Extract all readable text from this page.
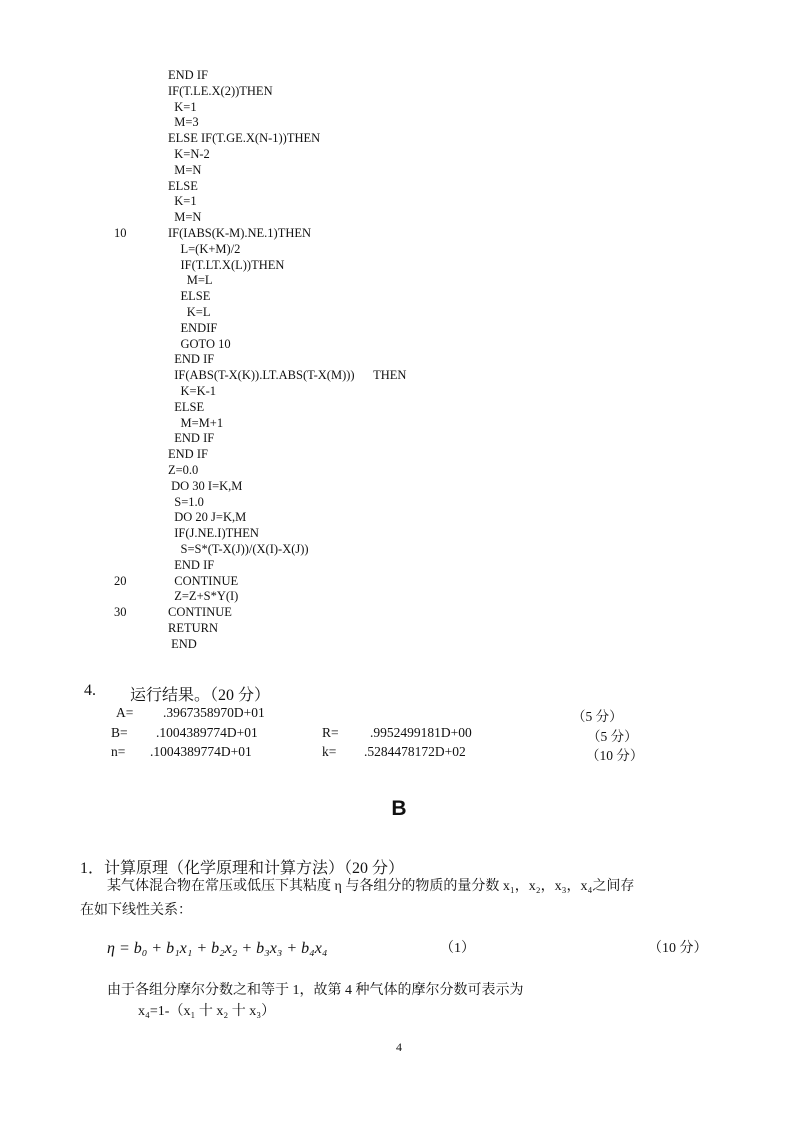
END IF
IF(T.LE.X(2))THEN
K=1
M=3
ELSE IF(T.GE.X(N-1))THEN
K=N-2
M=N
ELSE
K=1
M=N
10	IF(IABS(K-M).NE.1)THEN
L=(K+M)/2
IF(T.LT.X(L))THEN
M=L
ELSE
K=L
ENDIF
GOTO 10
END IF
IF(ABS(T-X(K)).LT.ABS(T-X(M)))      THEN
K=K-1
ELSE
M=M+1
END IF
END IF
Z=0.0
DO 30 I=K,M
S=1.0
DO 20 J=K,M
IF(J.NE.I)THEN
S=S*(T-X(J))/(X(I)-X(J))
END IF
20	CONTINUE
Z=Z+S*Y(I)
30	CONTINUE
RETURN
END
4. 运行结果。（20 分）
A= .3967358970D+01	（5 分）
B= .1004389774D+01	R= .9952499181D+00	（5 分）
n= .1004389774D+01	k= .5284478172D+02	（10 分）
B
1．计算原理（化学原理和计算方法）（20 分）
某气体混合物在常压或低压下其粘度 η 与各组分的物质的量分数 x₁，x₂，x₃，x₄之间存
在如下线性关系：
η = b₀ + b₁x₁ + b₂x₂ + b₃x₃ + b₄x₄	（1）	（10 分）
由于各组分摩尔分数之和等于 1，故第 4 种气体的摩尔分数可表示为
x₄=1-（x₁ 十 x₂ 十 x₃）
4
